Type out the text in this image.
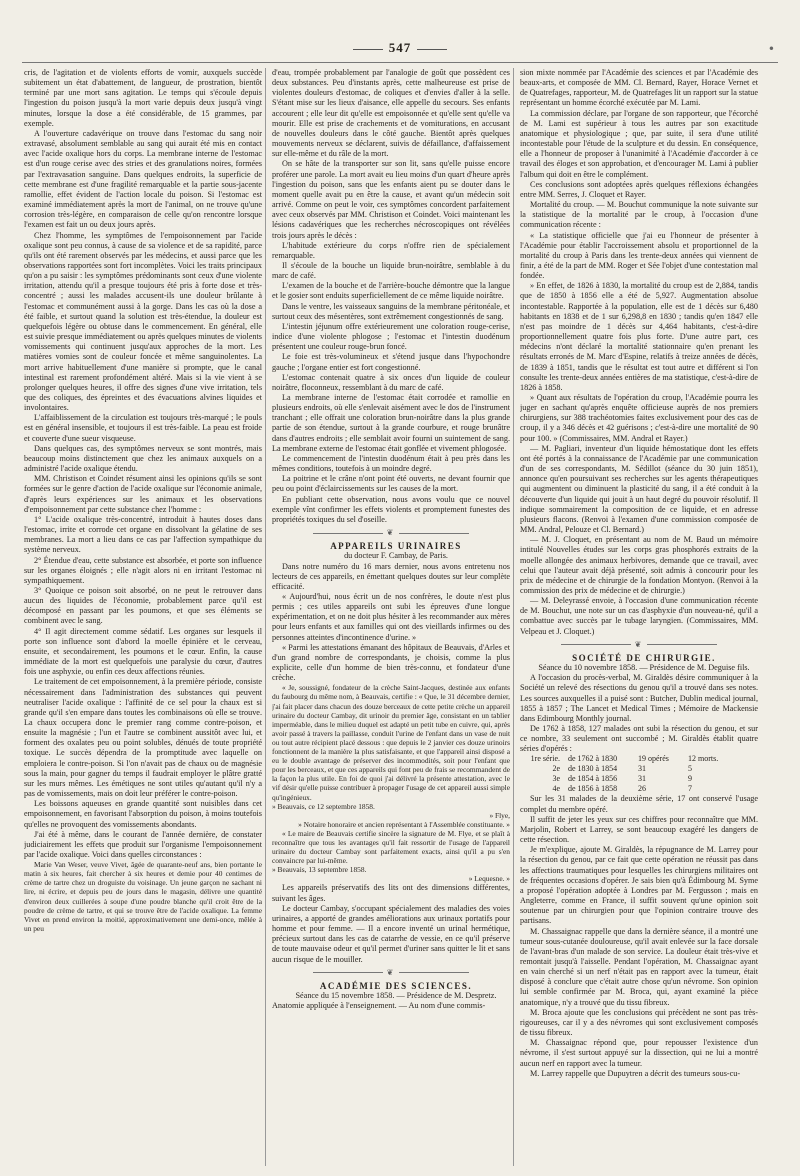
547	•

cris, de l'agitation et de violents efforts de vomir, auxquels succède subitement un état d'abattement, de langueur, de prostration, bientôt terminé par une mort sans agitation. Le temps qui s'écoule depuis l'ingestion du poison jusqu'à la mort varie depuis deux jusqu'à vingt minutes, lorsque la dose a été considérable, de 15 grammes, par exemple.

A l'ouverture cadavérique on trouve dans l'estomac du sang noir extravasé, absolument semblable au sang qui aurait été mis en contact avec l'acide oxalique hors du corps. La membrane interne de l'estomac est d'un rouge cerise avec des stries et des granulations noires, formées par l'extravasation sanguine. Dans quelques endroits, la superficie de cette membrane est d'une fragilité remarquable et la partie sous-jacente ramollie, effet évident de l'action locale du poison. Si l'estomac est examiné immédiatement après la mort de l'animal, on ne trouve qu'une corrosion très-légère, en comparaison de celle qu'on rencontre lorsque l'examen est fait un ou deux jours après.

Chez l'homme, les symptômes de l'empoisonnement par l'acide oxalique sont peu connus, à cause de sa violence et de sa rapidité, parce qu'ils ont été rarement observés par les médecins, et aussi parce que les observations rapportées sont fort incomplètes. Voici les traits principaux qu'on a pu saisir : les symptômes prédominants sont ceux d'une violente irritation, attendu qu'il a presque toujours été pris à forte dose et très-concentré ; aussi les malades accusent-ils une douleur brûlante à l'estomac et communément aussi à la gorge. Dans les cas où la dose a été faible, et surtout quand la solution est très-étendue, la douleur est quelquefois légère ou obtuse dans le commencement. En général, elle est suivie presque immédiatement ou après quelques minutes de violents vomissements qui continuent jusqu'aux approches de la mort. Les matières vomies sont de couleur foncée et même sanguinolentes. La mort arrive habituellement d'une manière si prompte, que le canal intestinal est rarement profondément altéré. Mais si la vie vient à se prolonger quelques heures, il offre des signes d'une vive irritation, tels que des coliques, des épreintes et des évacuations alvines liquides et involontaires.

L'affaiblissement de la circulation est toujours très-marqué ; le pouls est en général insensible, et toujours il est très-faible. La peau est froide et couverte d'une sueur visqueuse.

Dans quelques cas, des symptômes nerveux se sont montrés, mais beaucoup moins distinctement que chez les animaux auxquels on a administré l'acide oxalique étendu.

MM. Christison et Coindet résument ainsi les opinions qu'ils se sont formées sur le genre d'action de l'acide oxalique sur l'économie animale, d'après leurs expériences sur les animaux et les observations d'empoisonnement par cette substance chez l'homme :

1° L'acide oxalique très-concentré, introduit à hautes doses dans l'estomac, irrite et corrode cet organe en dissolvant la gélatine de ses membranes. La mort a lieu dans ce cas par l'affection sympathique du système nerveux.

2° Étendue d'eau, cette substance est absorbée, et porte son influence sur les organes éloignés ; elle n'agit alors ni en irritant l'estomac ni sympathiquement.

3° Quoique ce poison soit absorbé, on ne peut le retrouver dans aucun des liquides de l'économie, probablement parce qu'il est décomposé en passant par les poumons, et que ses éléments se combinent avec le sang.

4° Il agit directement comme sédatif. Les organes sur lesquels il porte son influence sont d'abord la moelle épinière et le cerveau, ensuite, et secondairement, les poumons et le cœur. Enfin, la cause immédiate de la mort est quelquefois une paralysie du cœur, d'autres fois une asphyxie, ou enfin ces deux affections réunies.

Le traitement de cet empoisonnement, à la première période, consiste nécessairement dans l'administration des substances qui peuvent neutraliser l'acide oxalique : l'affinité de ce sel pour la chaux est si grande qu'il s'en empare dans toutes les combinaisons où elle se trouve. La chaux occupera donc le premier rang comme contre-poison, et ensuite la magnésie ; l'un et l'autre se combinent aussitôt avec lui, et forment des oxalates peu ou point solubles, dénués de toute propriété toxique. Le succès dépendra de la promptitude avec laquelle on emploiera le contre-poison. Si l'on n'avait pas de chaux ou de magnésie sous la main, pour gagner du temps il faudrait employer le plâtre gratté sur les murs mêmes. Les émétiques ne sont utiles qu'autant qu'il n'y a pas de vomissements, mais on doit leur préférer le contre-poison.

Les boissons aqueuses en grande quantité sont nuisibles dans cet empoisonnement, en favorisant l'absorption du poison, à moins toutefois qu'elles ne provoquent des vomissements abondants.

J'ai été à même, dans le courant de l'année dernière, de constater judiciairement les effets que produit sur l'organisme l'empoisonnement par l'acide oxalique. Voici dans quelles circonstances :

Marie Van Weser, veuve Vivet, âgée de quarante-neuf ans, bien portante le matin à six heures, fait chercher à six heures et demie pour 40 centimes de crème de tartre chez un droguiste du voisinage. Un jeune garçon ne sachant ni lire, ni écrire, et depuis peu de jours dans le magasin, délivre une quantité d'environ deux cuillerées à soupe d'une poudre blanche qu'il croit être de la poudre de crème de tartre, et qui se trouve être de l'acide oxalique. La femme Vivet en prend environ la moitié, approximativement une demi-once, mêlée à un peu

d'eau, trompée probablement par l'analogie de goût que possèdent ces deux substances. Peu d'instants après, cette malheureuse est prise de violentes douleurs d'estomac, de coliques et d'envies d'aller à la selle. S'étant mise sur les lieux d'aisance, elle appelle du secours. Ses enfants accourent ; elle leur dit qu'elle est empoisonnée et qu'elle sent qu'elle va mourir. Elle est prise de crachements et de vomiturations, en accusant de nouvelles douleurs dans le côté gauche. Bientôt après quelques mouvements nerveux se déclarent, suivis de défaillance, d'affaissement sur elle-même et du râle de la mort.

On se hâte de la transporter sur son lit, sans qu'elle puisse encore proférer une parole. La mort avait eu lieu moins d'un quart d'heure après l'ingestion du poison, sans que les enfants aient pu se douter dans le moment quelle avait pu en être la cause, et avant qu'un médecin soit arrivé. Comme on peut le voir, ces symptômes concordent parfaitement avec ceux observés par MM. Christison et Coindet. Voici maintenant les lésions cadavériques que les recherches nécroscopiques ont révélées trois jours après le décès :

L'habitude extérieure du corps n'offre rien de spécialement remarquable.

Il s'écoule de la bouche un liquide brun-noirâtre, semblable à du marc de café.

L'examen de la bouche et de l'arrière-bouche démontre que la langue et le gosier sont enduits superficiellement de ce même liquide noirâtre.

Dans le ventre, les vaisseaux sanguins de la membrane péritonéale, et surtout ceux des mésentères, sont extrêmement congestionnés de sang.

L'intestin jéjunum offre extérieurement une coloration rouge-cerise, indice d'une violente phlogose ; l'estomac et l'intestin duodénum présentent une couleur rouge-brun foncé.

Le foie est très-volumineux et s'étend jusque dans l'hypochondre gauche ; l'organe entier est fort congestionné.

L'estomac contenait quatre à six onces d'un liquide de couleur noirâtre, floconneux, ressemblant à du marc de café.

La membrane interne de l'estomac était corrodée et ramollie en plusieurs endroits, où elle s'enlevait aisément avec le dos de l'instrument tranchant ; elle offrait une coloration brun-noirâtre dans la plus grande partie de son étendue, surtout à la grande courbure, et rouge brunâtre dans d'autres endroits ; elle semblait avoir fourni un suintement de sang. La membrane externe de l'estomac était gonflée et vivement phlogosée.

Le commencement de l'intestin duodénum était à peu près dans les mêmes conditions, toutefois à un moindre degré.

La poitrine et le crâne n'ont point été ouverts, ne devant fournir que peu ou point d'éclaircissements sur les causes de la mort.

En publiant cette observation, nous avons voulu que ce nouvel exemple vînt confirmer les effets violents et promptement funestes des propriétés toxiques du sel d'oseille.

❦

APPAREILS URINAIRES

du docteur F. Cambay, de Paris.

Dans notre numéro du 16 mars dernier, nous avons entretenu nos lecteurs de ces appareils, en émettant quelques doutes sur leur complète efficacité.

« Aujourd'hui, nous écrit un de nos confrères, le doute n'est plus permis ; ces utiles appareils ont subi les épreuves d'une longue expérimentation, et on ne doit plus hésiter à les recommander aux mères pour leurs enfants et aux familles qui ont des vieillards infirmes ou des personnes atteintes d'incontinence d'urine. »

« Parmi les attestations émanant des hôpitaux de Beauvais, d'Arles et d'un grand nombre de correspondants, je choisis, comme la plus explicite, celle d'un homme de bien très-connu, et fondateur d'une crèche.

« Je, soussigné, fondateur de la crèche Saint-Jacques, destinée aux enfants du faubourg du même nom, à Beauvais, certifie : « Que, le 31 décembre dernier, j'ai fait placer dans chacun des douze berceaux de cette petite crèche un appareil urinaire du docteur Cambay, dit urinoir du premier âge, consistant en un tablier imperméable, dans le milieu duquel est adapté un petit tube en cuivre, qui, après avoir passé à travers la paillasse, conduit l'urine de l'enfant dans un vase de nuit ou tout autre récipient placé dessous : que depuis le 2 janvier ces douze urinoirs fonctionnent de la manière la plus satisfaisante, et que l'appareil ainsi disposé a eu le double avantage de préserver des incommodités, soit pour l'enfant que pour les berceaux, et que ces appareils qui font peu de frais se recommandent de la façon la plus utile. En foi de quoi j'ai délivré la présente attestation, avec le vif désir qu'elle puisse contribuer à propager l'usage de cet appareil aussi simple qu'ingénieux.

» Beauvais, ce 12 septembre 1858.

» Flye,

» Notaire honoraire et ancien représentant à l'Assemblée constituante. »

« Le maire de Beauvais certifie sincère la signature de M. Flye, et se plaît à reconnaître que tous les avantages qu'il fait ressortir de l'usage de l'appareil urinaire du docteur Cambay sont parfaitement exacts, ainsi qu'il a pu s'en convaincre par lui-même.

» Beauvais, 13 septembre 1858.

» Lequesne. »

Les appareils préservatifs des lits ont des dimensions différentes, suivant les âges.

Le docteur Cambay, s'occupant spécialement des maladies des voies urinaires, a apporté de grandes améliorations aux urinaux portatifs pour homme et pour femme. — Il a encore inventé un urinal hermétique, précieux surtout dans les cas de catarrhe de vessie, en ce qu'il préserve de toute mauvaise odeur et qu'il permet d'uriner sans quitter le lit et sans aucun risque de le mouiller.

❦

ACADÉMIE DES SCIENCES.

Séance du 15 novembre 1858. — Présidence de M. Despretz.

Anatomie appliquée à l'enseignement. — Au nom d'une commis-

sion mixte nommée par l'Académie des sciences et par l'Académie des beaux-arts, et composée de MM. Cl. Bernard, Rayer, Horace Vernet et de Quatrefages, rapporteur, M. de Quatrefages lit un rapport sur la statue représentant un homme écorché exécutée par M. Lami.

La commission déclare, par l'organe de son rapporteur, que l'écorché de M. Lami est supérieur à tous les autres par son exactitude anatomique et physiologique ; que, par suite, il sera d'une utilité incontestable pour l'étude de la sculpture et du dessin. En conséquence, elle a l'honneur de proposer à l'unanimité à l'Académie d'accorder à ce travail des éloges et son approbation, et d'encourager M. Lami à publier l'album qui doit en être le complément.

Ces conclusions sont adoptées après quelques réflexions échangées entre MM. Serres, J. Cloquet et Rayer.

Mortalité du croup. — M. Bouchut communique la note suivante sur la statistique de la mortalité par le croup, à l'occasion d'une communication récente :

« La statistique officielle que j'ai eu l'honneur de présenter à l'Académie pour établir l'accroissement absolu et proportionnel de la mortalité du croup à Paris dans les trente-deux années qui viennent de finir, a été de la part de MM. Roger et Sée l'objet d'une contestation mal fondée.

» En effet, de 1826 à 1830, la mortalité du croup est de 2,884, tandis que de 1850 à 1856 elle a été de 5,927. Augmentation absolue incontestable. Rapportée à la population, elle est de 1 décès sur 6,480 habitants en 1838 et de 1 sur 6,298,8 en 1830 ; tandis qu'en 1847 elle n'est pas moindre de 1 décès sur 4,464 habitants, c'est-à-dire proportionnellement quatre fois plus forte. D'une autre part, ces médecins n'ont déclaré la mortalité stationnaire qu'en prenant les résultats erronés de M. Marc d'Espine, relatifs à treize années de décès, de 1839 à 1851, tandis que le résultat est tout autre et différent si l'on consulte les trente-deux années entières de ma statistique, c'est-à-dire de 1826 à 1858.

» Quant aux résultats de l'opération du croup, l'Académie pourra les juger en sachant qu'après enquête officieuse auprès de nos premiers chirurgiens, sur 388 trachéotomies faites exclusivement pour des cas de croup, il y a 346 décès et 42 guérisons ; c'est-à-dire une mortalité de 90 pour 100. » (Commissaires, MM. Andral et Rayer.)

— M. Pagliari, inventeur d'un liquide hémostatique dont les effets ont été portés à la connaissance de l'Académie par une communication d'un de ses correspondants, M. Sédillot (séance du 30 juin 1851), annonce qu'en poursuivant ses recherches sur les agents thérapeutiques qui augmentent ou diminuent la plasticité du sang, il a été conduit à la découverte d'un liquide qui jouit à un haut degré du pouvoir résolutif. Il indique sommairement la composition de ce liquide, et en adresse plusieurs flacons. (Renvoi à l'examen d'une commission composée de MM. Andral, Pelouze et Cl. Bernard.)

— M. J. Cloquet, en présentant au nom de M. Baud un mémoire intitulé Nouvelles études sur les corps gras phosphorés extraits de la moelle allongée des animaux herbivores, demande que ce travail, avec celui que l'auteur avait déjà présenté, soit admis à concourir pour les prix de médecine et de chirurgie de la fondation Montyon. (Renvoi à la commission des prix de médecine et de chirurgie.)

— M. Deleyrassé envoie, à l'occasion d'une communication récente de M. Bouchut, une note sur un cas d'asphyxie d'un nouveau-né, qu'il a combattue avec succès par le tubage laryngien. (Commissaires, MM. Velpeau et J. Cloquet.)

❦

SOCIÉTÉ DE CHIRURGIE.

Séance du 10 novembre 1858. — Présidence de M. Deguise fils.

A l'occasion du procès-verbal, M. Giraldès désire communiquer à la Société un relevé des résections du genou qu'il a trouvé dans ses notes. Les sources auxquelles il a puisé sont : Butcher, Dublin medical journal, 1855 à 1857 ; The Lancet et Medical Times ; Mémoire de Mackensie dans Edimbourg Monthly journal.

De 1762 à 1858, 127 malades ont subi la résection du genou, et sur ce nombre, 33 seulement ont succombé ; M. Giraldès établit quatre séries d'opérés :

1re série.	de 1762 à 1830	19 opérés	12 morts.
2e	de 1830 à 1854	31	5
3e	de 1854 à 1856	31	9
4e	de 1856 à 1858	26	7

Sur les 31 malades de la deuxième série, 17 ont conservé l'usage complet du membre opéré.

Il suffit de jeter les yeux sur ces chiffres pour reconnaître que MM. Marjolin, Robert et Larrey, se sont beaucoup exagéré les dangers de cette résection.

Je m'explique, ajoute M. Giraldès, la répugnance de M. Larrey pour la résection du genou, par ce fait que cette opération ne réussit pas dans les affections traumatiques pour lesquelles les chirurgiens militaires ont de fréquentes occasions d'opérer. Je sais bien qu'à Édimbourg M. Syme a proposé l'opération adoptée à Londres par M. Fergusson ; mais en Angleterre, comme en France, il suffit souvent qu'une opinion soit soutenue par un chirurgien pour que l'opinion contraire trouve des partisans.

M. Chassaignac rappelle que dans la dernière séance, il a montré une tumeur sous-cutanée douloureuse, qu'il avait enlevée sur la face dorsale de l'avant-bras d'un malade de son service. La douleur était très-vive et remontait jusqu'à l'aisselle. Pendant l'opération, M. Chassaignac ayant en vain cherché si un nerf n'était pas en rapport avec la tumeur, était disposé à conclure que c'était autre chose qu'un névrome. Son opinion lui semble confirmée par M. Broca, qui, ayant examiné la pièce anatomique, n'y a trouvé que du tissu fibreux.

M. Broca ajoute que les conclusions qui précèdent ne sont pas très-rigoureuses, car il y a des névromes qui sont exclusivement composés de tissu fibreux.

M. Chassaignac répond que, pour repousser l'existence d'un névrome, il s'est surtout appuyé sur la dissection, qui ne lui a montré aucun nerf en rapport avec la tumeur.

M. Larrey rappelle que Dupuytren a décrit des tumeurs sous-cu-
